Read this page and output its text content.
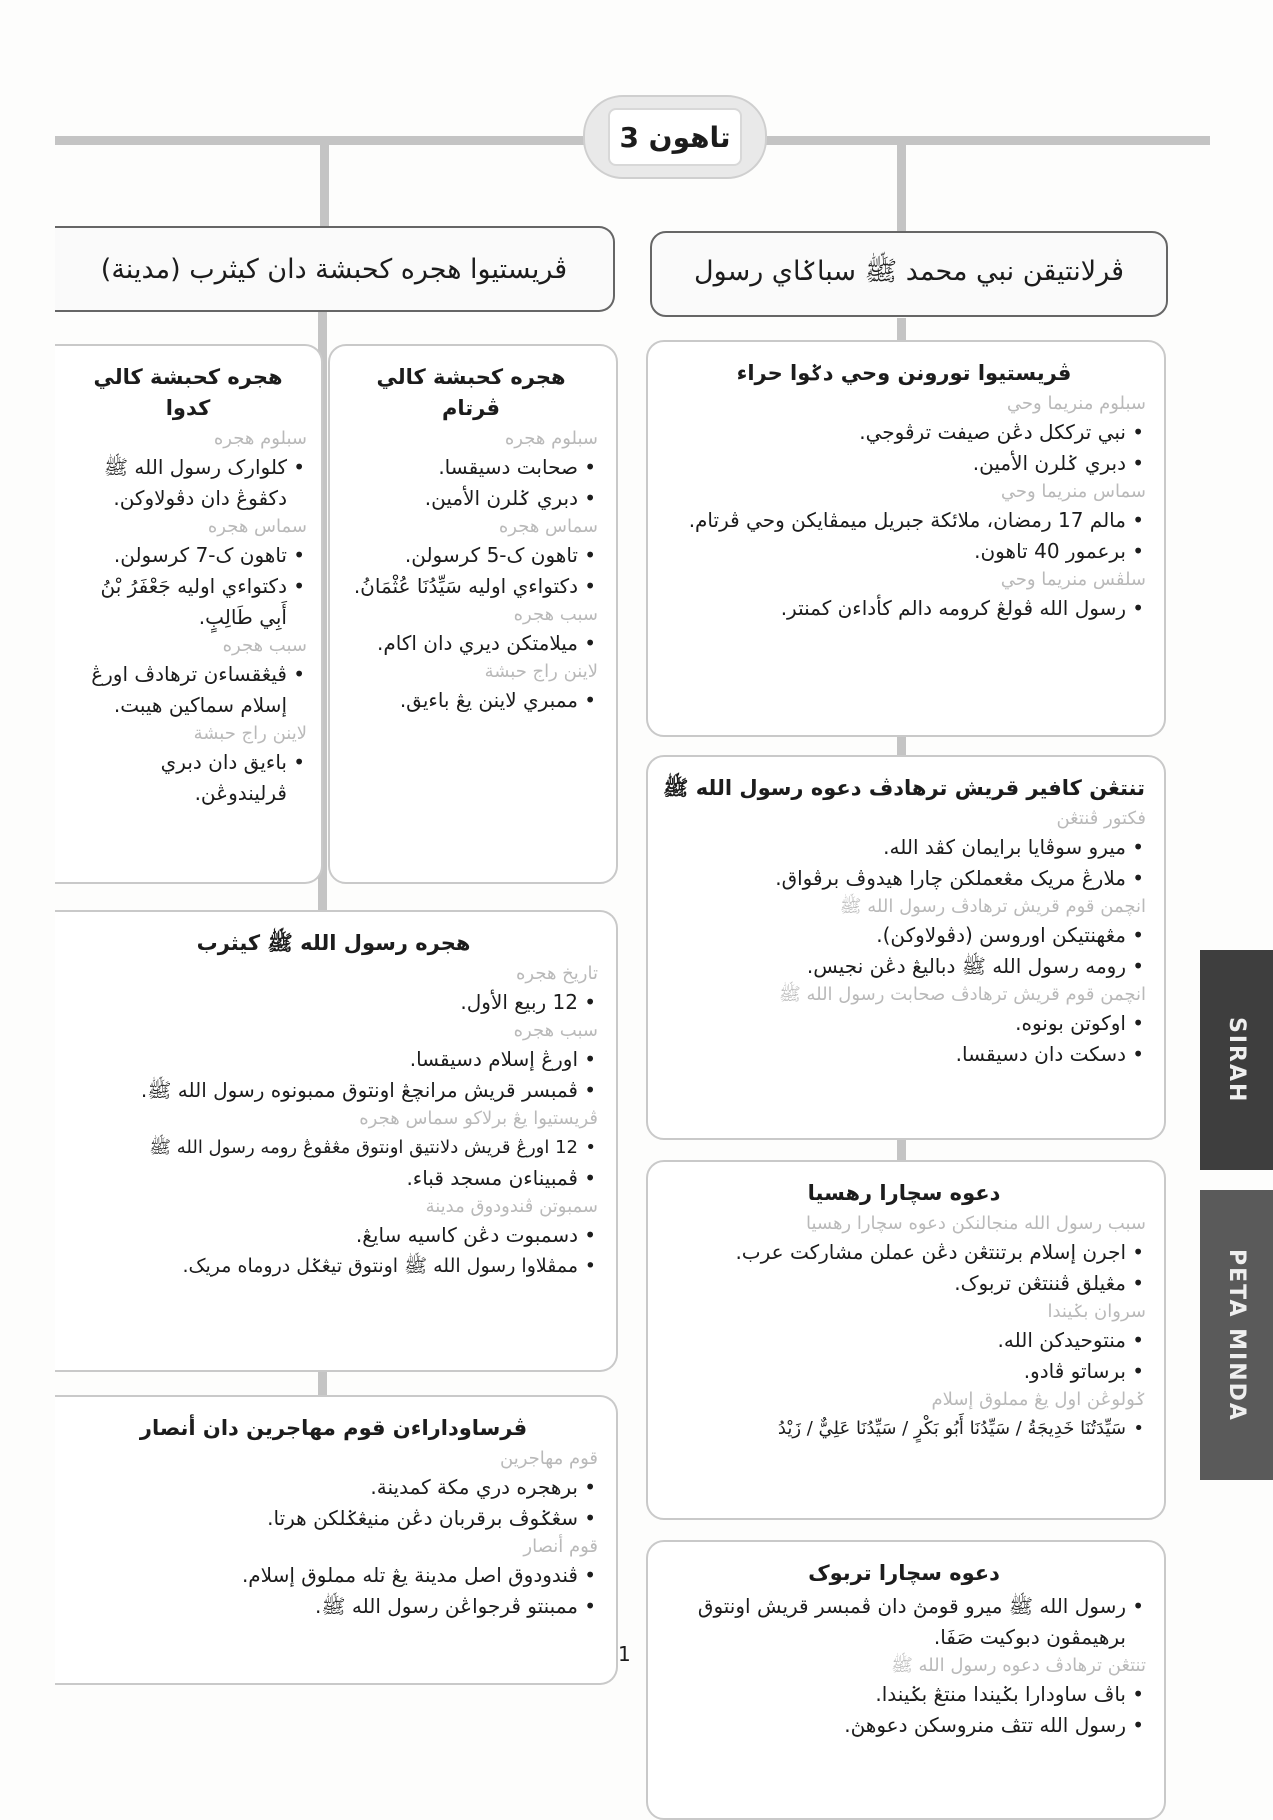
تاهون 3
ڤريستيوا هجره كحبشة دان كيثرب (مدينة)	ڤرلانتيقن نبي محمد ﷺ سباݢاي رسول
ڤريستيوا تورونن وحي دݢوا حراء
سبلوم منريما وحي
• نبي ترككل دڠن صيفت ترڤوجي.
• دبري ݢلرن الأمين.
سماس منريما وحي
• مالم 17 رمضان، ملائكة جبريل ميمڤايكن وحي ڤرتام.
• برعمور 40 تاهون.
سلڤس منريما وحي
• رسول الله ڤولڠ کرومه دالم كأداءن كمنتر.
تنتڠن كافير قريش ترهادڤ دعوه رسول الله ﷺ
فكتور ڤنتڠن
• ميرو سوڤايا برايمان كڤد الله.
• ملارڠ مريک مڠعملكن چارا هيدوڤ برڤواق.
انچمن قوم قريش ترهادڤ رسول الله ﷺ
• مڠهنتيكن اوروسن (دڤولاوكن).
• رومه رسول الله ﷺ دباليڠ دڠن نجيس.
انچمن قوم قريش ترهادڤ صحابت رسول الله ﷺ
• اوكوتن بونوه.
• دسكت دان دسيقسا.
دعوه سچارا رهسيا
سبب رسول الله منجالنكن دعوه سچارا رهسيا
• اجرن إسلام برتنتڠن دڠن عملن مشاركت عرب.
• مڠيلق ڤننتڠن تربوک.
سروان بݢيندا
• منتوحيدكن الله.
• برساتو ڤادو.
ݢولوڠن اول يڠ مملوق إسلام
• سَيِّدَتُنَا خَدِيجَةُ / سَيِّدُنَا أَبُو بَكْرٍ / سَيِّدُنَا عَلِيٌّ / زَيْدُ
دعوه سچارا تربوک
• رسول الله ﷺ ميرو قومڽ دان ڤمبسر قريش اونتوق برهيمڤون دبوکيت صَفَا.
تنتڠن ترهادڤ دعوه رسول الله ﷺ
• باڤ ساودارا بݢيندا منتڠ بݢيندا.
• رسول الله تتڤ منروسكن دعوهڽ.
هجره كحبشة كالي ڤرتام
سبلوم هجره
• صحابت دسيقسا.
• دبري ݢلرن الأمين.
سماس هجره
• تاهون ک-5 کرسولن.
• دكتواءي اوليه سَيِّدُنَا عُثْمَانُ.
سبب هجره
• ميلامتكن ديري دان اكام.
لاينن راج حبشة
• ممبري لاينن يڠ باءيق.
هجره كحبشة كالي كدوا
سبلوم هجره
• کلوارک رسول الله ﷺ دكڤوڠ دان دڤولاوكن.
سماس هجره
• تاهون ک-7 کرسولن.
• دكتواءي اوليه جَعْفَرُ بْنُ أَبِي طَالِبٍ.
سبب هجره
• ڤيڠقساءن ترهادڤ اورڠ إسلام سماكين هيبت.
لاينن راج حبشة
• باءيق دان دبري ڤرليندوڠن.
هجره رسول الله ﷺ كيثرب
تاريخ هجره
• 12 ربيع الأول.
سبب هجره
• اورڠ إسلام دسيقسا.
• ڤمبسر قريش مرانچڠ اونتوق ممبونوه رسول الله ﷺ.
ڤريستيوا يڠ برلاكو سماس هجره
• 12 اورڠ قريش دلانتيق اونتوق مڠڤوڠ رومه رسول الله ﷺ
• ڤمبيناءن مسجد قباء.
سمبوتن ڤندودوق مدينة
• دسمبوت دڠن كاسيه سايڠ.
• ممڤلاوا رسول الله ﷺ اونتوق تيڠݢل دروماه مريک.
ڤرساوداراءن قوم مهاجرين دان أنصار
قوم مهاجرين
• برهجره دري مكة كمدينة.
• سڠݢوڤ برقربان دڠن منيڠݢلكن هرتا.
قوم أنصار
• ڤندودوق اصل مدينة يڠ تله مملوق إسلام.
• ممبنتو ڤرجواڠن رسول الله ﷺ.
SIRAH
PETA MINDA
1
